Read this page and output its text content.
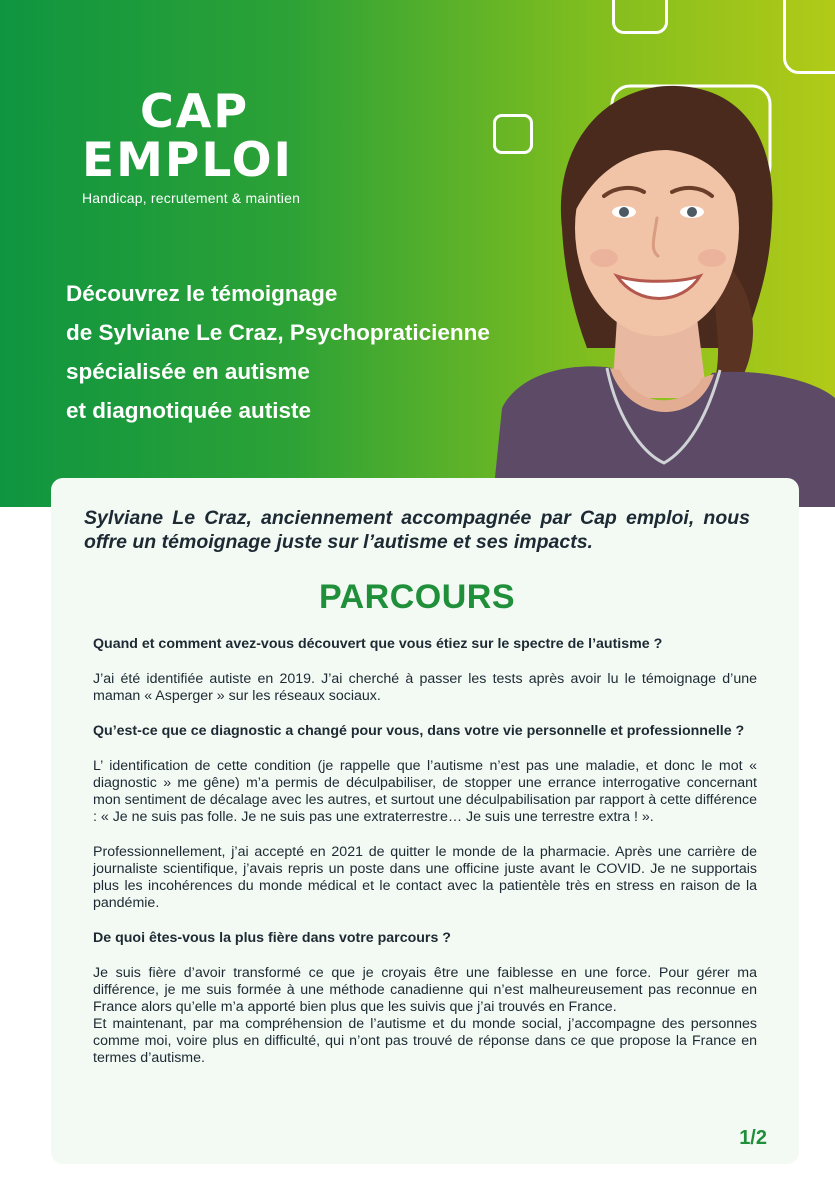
CAP
EMPLOI
Handicap, recrutement & maintien
Découvrez le témoignage
de Sylviane Le Craz, Psychopraticienne
spécialisée en autisme
et diagnotiquée autiste
Sylviane Le Craz, anciennement accompagnée par Cap emploi, nous offre un témoignage juste sur l’autisme et ses impacts.
PARCOURS

Quand et comment avez-vous découvert que vous étiez sur le spectre de l’autisme ?

J’ai été identifiée autiste en 2019. J’ai cherché à passer les tests après avoir lu le témoignage d’une maman « Asperger » sur les réseaux sociaux.

Qu’est-ce que ce diagnostic a changé pour vous, dans votre vie personnelle et professionnelle ?

L’ identification de cette condition (je rappelle que l’autisme n’est pas une maladie, et donc le mot « diagnostic » me gêne) m’a permis de déculpabiliser, de stopper une errance interrogative concernant mon sentiment de décalage avec les autres, et surtout une déculpabilisation par rapport à cette différence : « Je ne suis pas folle. Je ne suis pas une extraterrestre… Je suis une terrestre extra ! ».

Professionnellement, j’ai accepté en 2021 de quitter le monde de la pharmacie. Après une carrière de journaliste scientifique, j’avais repris un poste dans une officine juste avant le COVID. Je ne supportais plus les incohérences du monde médical et le contact avec la patientèle très en stress en raison de la pandémie.

De quoi êtes-vous la plus fière dans votre parcours ?

Je suis fière d’avoir transformé ce que je croyais être une faiblesse en une force. Pour gérer ma différence, je me suis formée à une méthode canadienne qui n’est malheureusement pas reconnue en France alors qu’elle m’a apporté bien plus que les suivis que j’ai trouvés en France.

Et maintenant, par ma compréhension de l’autisme et du monde social, j’accompagne des personnes comme moi, voire plus en difficulté, qui n’ont pas trouvé de réponse dans ce que propose la France en termes d’autisme.

1/2
